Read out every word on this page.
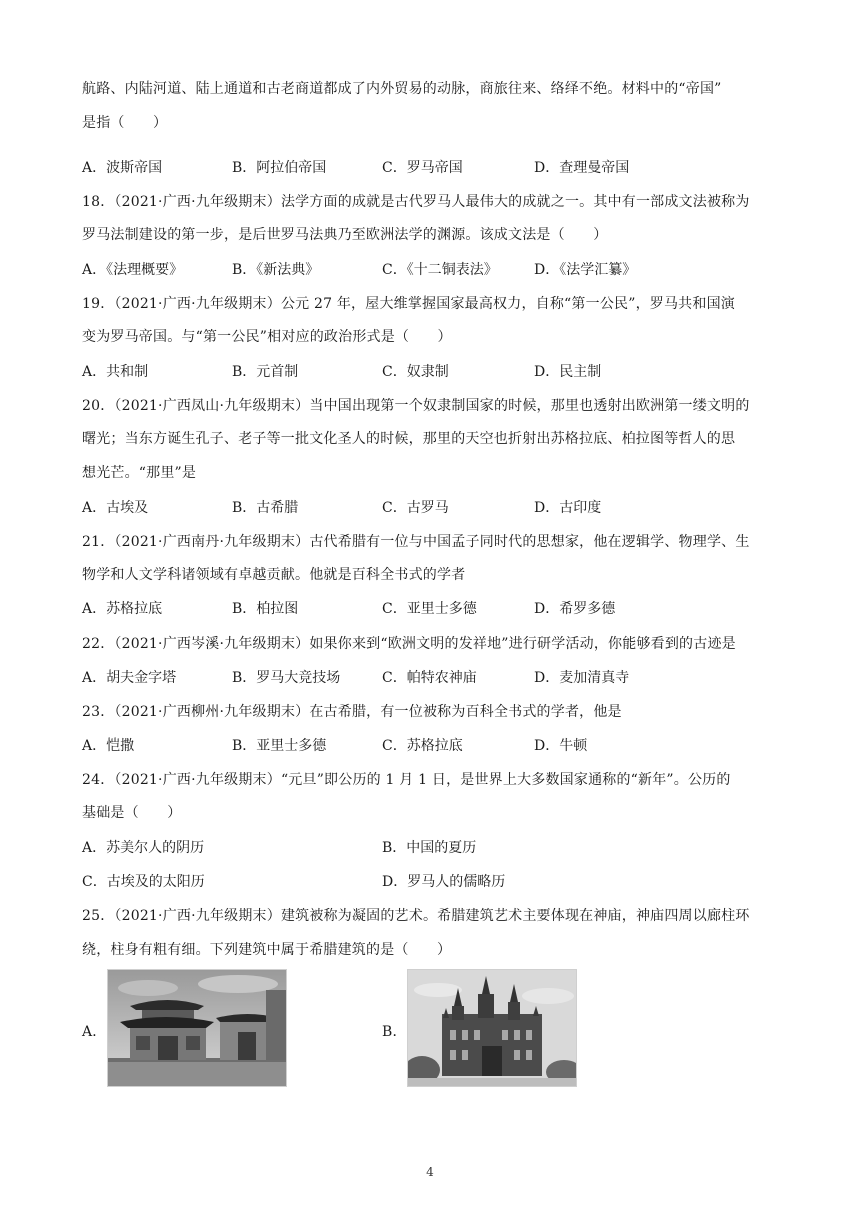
航路、内陆河道、陆上通道和古老商道都成了内外贸易的动脉，商旅往来、络绎不绝。材料中的“帝国”
是指（　　）
A．波斯帝国	B．阿拉伯帝国	C．罗马帝国	D．查理曼帝国
18．（2021·广西·九年级期末）法学方面的成就是古代罗马人最伟大的成就之一。其中有一部成文法被称为
罗马法制建设的第一步，是后世罗马法典乃至欧洲法学的渊源。该成文法是（　　）
A．《法理概要》	B．《新法典》	C．《十二铜表法》	D．《法学汇纂》
19．（2021·广西·九年级期末）公元 27 年，屋大维掌握国家最高权力，自称“第一公民”，罗马共和国演
变为罗马帝国。与“第一公民”相对应的政治形式是（　　）
A．共和制	B．元首制	C．奴隶制	D．民主制
20．（2021·广西凤山·九年级期末）当中国出现第一个奴隶制国家的时候，那里也透射出欧洲第一缕文明的
曙光；当东方诞生孔子、老子等一批文化圣人的时候，那里的天空也折射出苏格拉底、柏拉图等哲人的思
想光芒。“那里”是
A．古埃及	B．古希腊	C．古罗马	D．古印度
21．（2021·广西南丹·九年级期末）古代希腊有一位与中国孟子同时代的思想家，他在逻辑学、物理学、生
物学和人文学科诸领域有卓越贡献。他就是百科全书式的学者
A．苏格拉底	B．柏拉图	C．亚里士多德	D．希罗多德
22．（2021·广西岑溪·九年级期末）如果你来到“欧洲文明的发祥地”进行研学活动，你能够看到的古迹是
A．胡夫金字塔	B．罗马大竞技场	C．帕特农神庙	D．麦加清真寺
23．（2021·广西柳州·九年级期末）在古希腊，有一位被称为百科全书式的学者，他是
A．恺撒	B．亚里士多德	C．苏格拉底	D．牛顿
24．（2021·广西·九年级期末）“元旦”即公历的 1 月 1 日，是世界上大多数国家通称的“新年”。公历的
基础是（　　）
A．苏美尔人的阴历	B．中国的夏历
C．古埃及的太阳历	D．罗马人的儒略历
25．（2021·广西·九年级期末）建筑被称为凝固的艺术。希腊建筑艺术主要体现在神庙，神庙四周以廊柱环
绕，柱身有粗有细。下列建筑中属于希腊建筑的是（　　）
A．	B．
4
